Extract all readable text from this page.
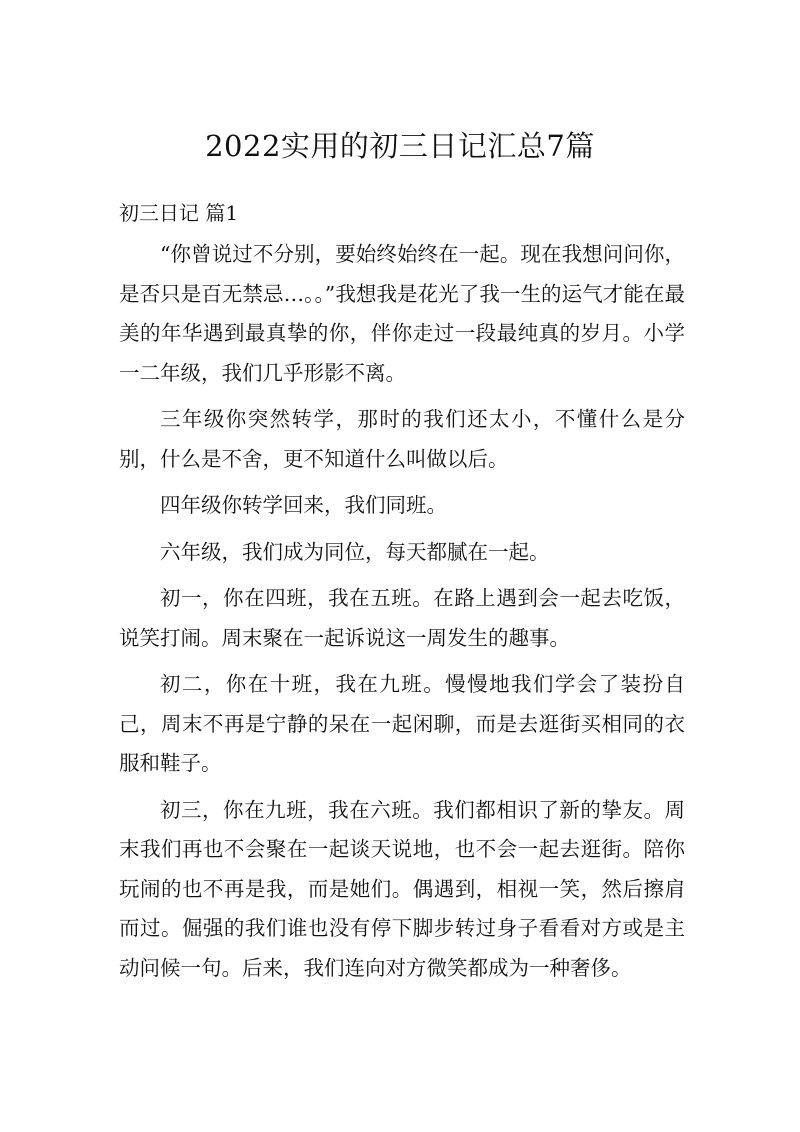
2022实用的初三日记汇总7篇
初三日记 篇1

“你曾说过不分别，要始终始终在一起。现在我想问问你，是否只是百无禁忌…。。”我想我是花光了我一生的运气才能在最美的年华遇到最真挚的你，伴你走过一段最纯真的岁月。小学一二年级，我们几乎形影不离。

三年级你突然转学，那时的我们还太小，不懂什么是分别，什么是不舍，更不知道什么叫做以后。

四年级你转学回来，我们同班。

六年级，我们成为同位，每天都腻在一起。

初一，你在四班，我在五班。在路上遇到会一起去吃饭，说笑打闹。周末聚在一起诉说这一周发生的趣事。

初二，你在十班，我在九班。慢慢地我们学会了装扮自己，周末不再是宁静的呆在一起闲聊，而是去逛街买相同的衣服和鞋子。

初三，你在九班，我在六班。我们都相识了新的挚友。周末我们再也不会聚在一起谈天说地，也不会一起去逛街。陪你玩闹的也不再是我，而是她们。偶遇到，相视一笑，然后擦肩而过。倔强的我们谁也没有停下脚步转过身子看看对方或是主动问候一句。后来，我们连向对方微笑都成为一种奢侈。
